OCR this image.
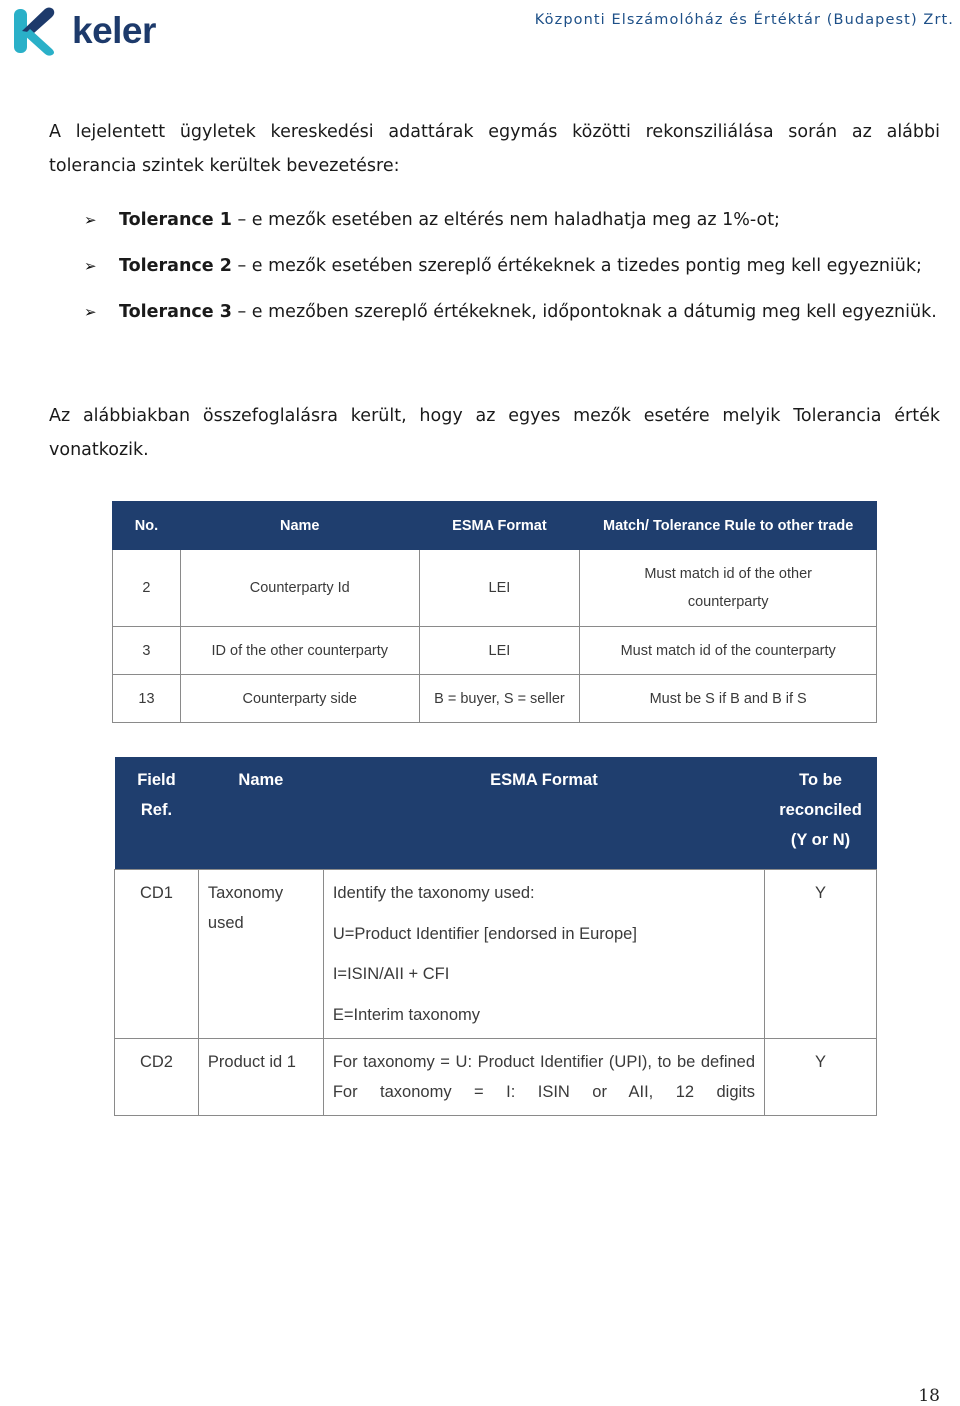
keler	Központi Elszámolóház és Értéktár (Budapest) Zrt.
A lejelentett ügyletek kereskedési adattárak egymás közötti rekonsziliálása során az alábbi tolerancia szintek kerültek bevezetésre:
➢	Tolerance 1 – e mezők esetében az eltérés nem haladhatja meg az 1%-ot;
➢	Tolerance 2 – e mezők esetében szereplő értékeknek a tizedes pontig meg kell egyezniük;
➢	Tolerance 3 – e mezőben szereplő értékeknek, időpontoknak a dátumig meg kell egyezniük.
Az alábbiakban összefoglalásra került, hogy az egyes mezők esetére melyik Tolerancia érték vonatkozik.
No.	Name	ESMA Format	Match/ Tolerance Rule to other trade
2	Counterparty Id	LEI	Must match id of the other counterparty
3	ID of the other counterparty	LEI	Must match id of the counterparty
13	Counterparty side	B = buyer, S = seller	Must be S if B and B if S
Field Ref.	Name	ESMA Format	To be reconciled (Y or N)
CD1	Taxonomy used	Identify the taxonomy used:
U=Product Identifier [endorsed in Europe]
I=ISIN/AII + CFI
E=Interim taxonomy	Y
CD2	Product id 1	For taxonomy = U: Product Identifier (UPI), to be defined For taxonomy = I: ISIN or AII, 12 digits	Y
18
